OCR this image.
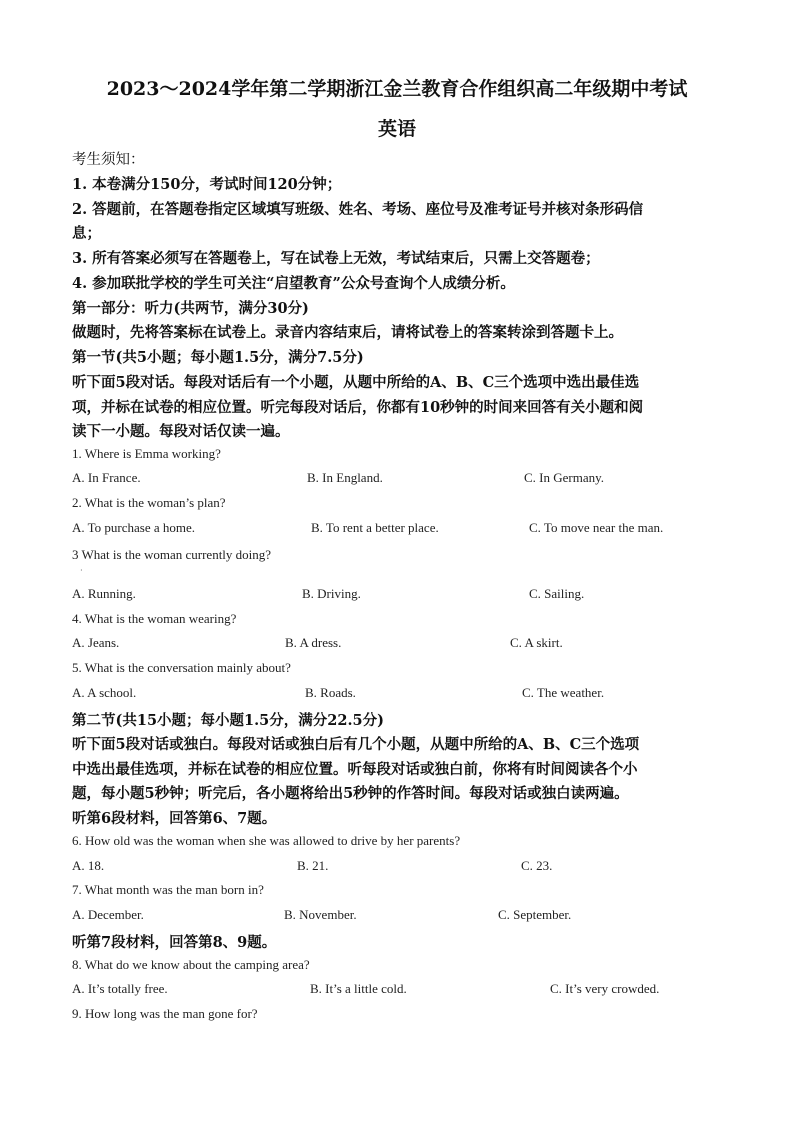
2023～2024学年第二学期浙江金兰教育合作组织高二年级期中考试
英语
考生须知：
1. 本卷满分150分，考试时间120分钟；
2. 答题前，在答题卷指定区域填写班级、姓名、考场、座位号及准考证号并核对条形码信
息；
3. 所有答案必须写在答题卷上，写在试卷上无效，考试结束后，只需上交答题卷；
4. 参加联批学校的学生可关注“启望教育”公众号查询个人成绩分析。
第一部分：听力(共两节，满分30分)
做题时，先将答案标在试卷上。录音内容结束后，请将试卷上的答案转涂到答题卡上。
第一节(共5小题；每小题1.5分，满分7.5分)
听下面5段对话。每段对话后有一个小题，从题中所给的A、B、C三个选项中选出最佳选
项，并标在试卷的相应位置。听完每段对话后，你都有10秒钟的时间来回答有关小题和阅
读下一小题。每段对话仅读一遍。
1. Where is Emma working?
A. In France.	B. In England.	C. In Germany.
2. What is the woman’s plan?
A. To purchase a home.	B. To rent a better place.	C. To move near the man.
3 What is the woman currently doing?
·
A. Running.	B. Driving.	C. Sailing.
4. What is the woman wearing?
A. Jeans.	B. A dress.	C. A skirt.
5. What is the conversation mainly about?
A. A school.	B. Roads.	C. The weather.
第二节(共15小题；每小题1.5分，满分22.5分)
听下面5段对话或独白。每段对话或独白后有几个小题，从题中所给的A、B、C三个选项
中选出最佳选项，并标在试卷的相应位置。听每段对话或独白前，你将有时间阅读各个小
题，每小题5秒钟；听完后，各小题将给出5秒钟的作答时间。每段对话或独白读两遍。
听第6段材料，回答第6、7题。
6. How old was the woman when she was allowed to drive by her parents?
A. 18.	B. 21.	C. 23.
7. What month was the man born in?
A. December.	B. November.	C. September.
听第7段材料，回答第8、9题。
8. What do we know about the camping area?
A. It’s totally free.	B. It’s a little cold.	C. It’s very crowded.
9. How long was the man gone for?
